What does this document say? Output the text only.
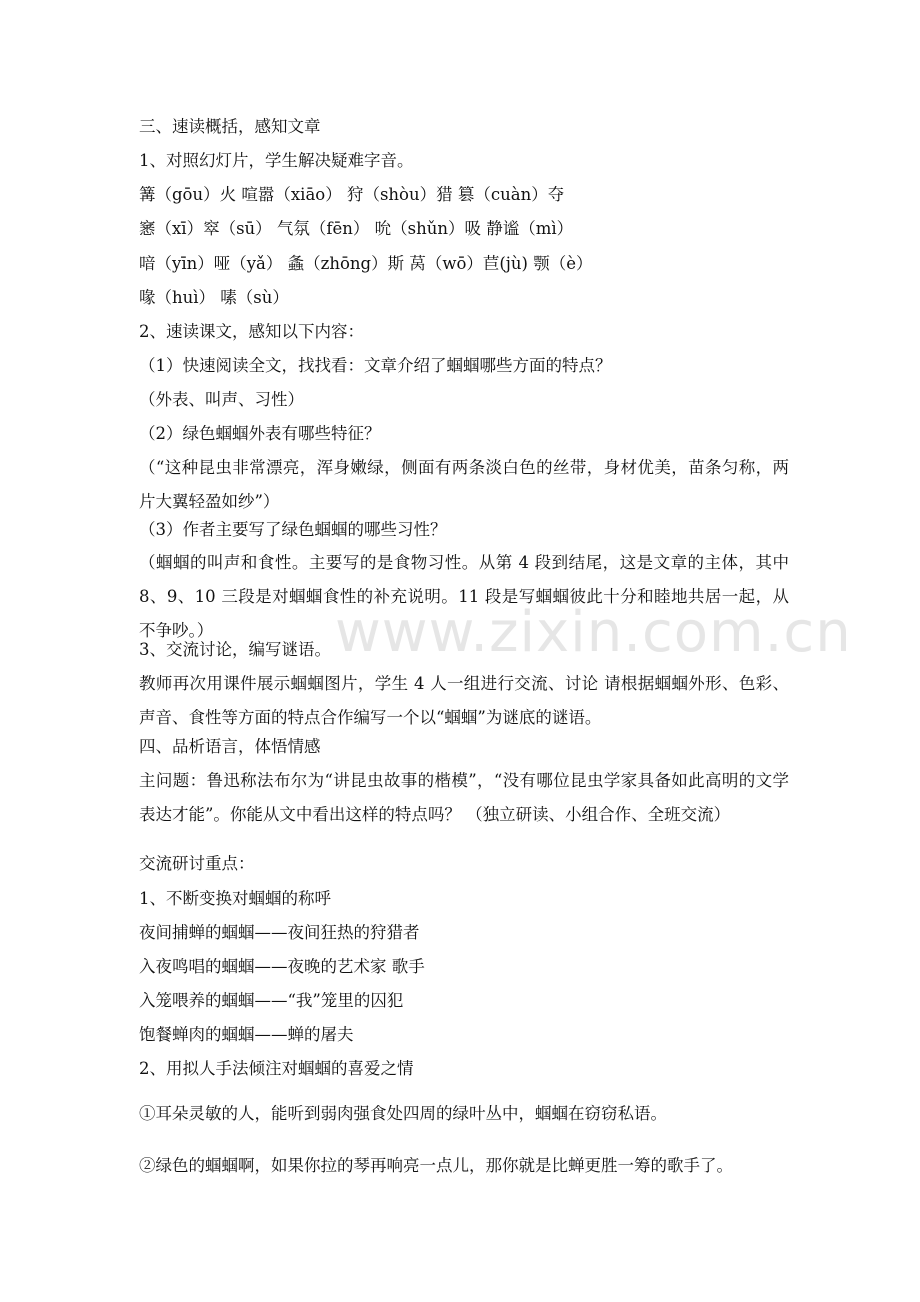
www.zixin.com.cn
三、速读概括，感知文章
1、对照幻灯片，学生解决疑难字音。
篝（gōu）火 喧嚣（xiāo） 狩（shòu）猎 篡（cuàn）夺
窸（xī）窣（sū） 气氛（fēn） 吮（shǔn）吸 静谧（mì）
喑（yīn）哑（yǎ） 螽（zhōng）斯 莴（wō）苣(jù) 颚（è）
喙（huì） 嗉（sù）
2、速读课文，感知以下内容：
（1）快速阅读全文，找找看：文章介绍了蝈蝈哪些方面的特点？
（外表、叫声、习性）
（2）绿色蝈蝈外表有哪些特征？
（“这种昆虫非常漂亮，浑身嫩绿，侧面有两条淡白色的丝带，身材优美，苗条匀称，两片大翼轻盈如纱”）
（3）作者主要写了绿色蝈蝈的哪些习性？
（蝈蝈的叫声和食性。主要写的是食物习性。从第 4 段到结尾，这是文章的主体，其中 8、9、10 三段是对蝈蝈食性的补充说明。11 段是写蝈蝈彼此十分和睦地共居一起，从不争吵。）
3、交流讨论，编写谜语。
教师再次用课件展示蝈蝈图片，学生 4 人一组进行交流、讨论 请根据蝈蝈外形、色彩、声音、食性等方面的特点合作编写一个以“蝈蝈”为谜底的谜语。
四、品析语言，体悟情感
主问题：鲁迅称法布尔为“讲昆虫故事的楷模”，“没有哪位昆虫学家具备如此高明的文学表达才能”。你能从文中看出这样的特点吗？ （独立研读、小组合作、全班交流）
交流研讨重点：
1、不断变换对蝈蝈的称呼
夜间捕蝉的蝈蝈——夜间狂热的狩猎者
入夜鸣唱的蝈蝈——夜晚的艺术家 歌手
入笼喂养的蝈蝈——“我”笼里的囚犯
饱餐蝉肉的蝈蝈——蝉的屠夫
2、用拟人手法倾注对蝈蝈的喜爱之情
①耳朵灵敏的人，能听到弱肉强食处四周的绿叶丛中，蝈蝈在窃窃私语。
②绿色的蝈蝈啊，如果你拉的琴再响亮一点儿，那你就是比蝉更胜一筹的歌手了。
